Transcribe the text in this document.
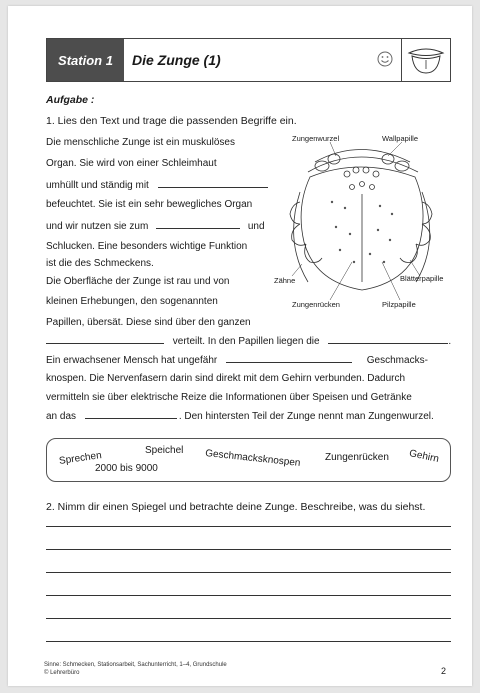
Station 1	Die Zunge (1)
Aufgabe :
1. Lies den Text und trage die passenden Begriffe ein.
Die menschliche Zunge ist ein muskulöses
Organ. Sie wird von einer Schleimhaut
umhüllt und ständig mit
befeuchtet. Sie ist ein sehr bewegliches Organ
und wir nutzen sie zum	und
Schlucken. Eine besonders wichtige Funktion
ist die des Schmeckens.
Die Oberfläche der Zunge ist rau und von
kleinen Erhebungen, den sogenannten
Papillen, übersät. Diese sind über den ganzen
verteilt. In den Papillen liegen die	.
Ein erwachsener Mensch hat ungefähr	Geschmacks-
knospen. Die Nervenfasern darin sind direkt mit dem Gehirn verbunden. Dadurch
vermitteln sie über elektrische Reize die Informationen über Speisen und Getränke
an das	. Den hintersten Teil der Zunge nennt man Zungenwurzel.
Zungenwurzel	Wallpapille
Zähne	Blätterpapille
Zungenrücken	Pilzpapille
Sprechen	Speichel
2000 bis 9000	Geschmacksknospen Zungenrücken Gehirn
2. Nimm dir einen Spiegel und betrachte deine Zunge. Beschreibe, was du siehst.
Sinne: Schmecken, Stationsarbeit, Sachunterricht, 1–4, Grundschule
© Lehrerbüro	2
